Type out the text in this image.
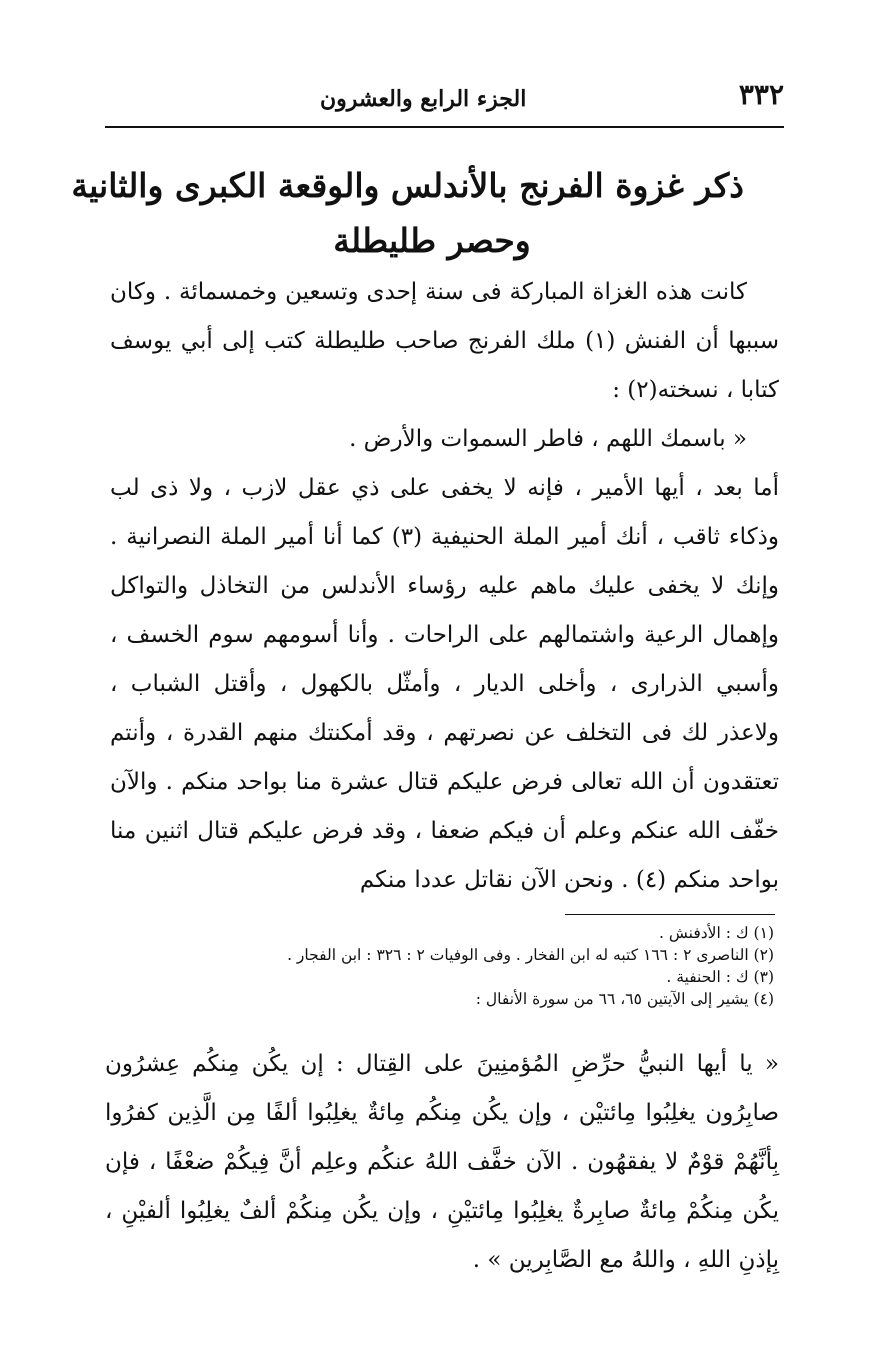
٣٣٢
الجزء الرابع والعشرون
ذكر غزوة الفرنج بالأندلس والوقعة الكبرى والثانية
وحصر طليطلة

كانت هذه الغزاة المباركة فى سنة إحدى وتسعين وخمسمائة . وكان سببها أن الفنش (١) ملك الفرنج صاحب طليطلة كتب إلى أبي يوسف كتابا ، نسخته(٢) :

« باسمك اللهم ، فاطر السموات والأرض .

أما بعد ، أيها الأمير ، فإنه لا يخفى على ذي عقل لازب ، ولا ذى لب وذكاء ثاقب ، أنك أمير الملة الحنيفية (٣) كما أنا أمير الملة النصرانية . وإنك لا يخفى عليك ماهم عليه رؤساء الأندلس من التخاذل والتواكل وإهمال الرعية واشتمالهم على الراحات . وأنا أسومهم سوم الخسف ، وأسبي الذرارى ، وأخلى الديار ، وأمثّل بالكهول ، وأقتل الشباب ، ولاعذر لك فى التخلف عن نصرتهم ، وقد أمكنتك منهم القدرة ، وأنتم تعتقدون أن الله تعالى فرض عليكم قتال عشرة منا بواحد منكم . والآن خفّف الله عنكم وعلم أن فيكم ضعفا ، وقد فرض عليكم قتال اثنين منا بواحد منكم (٤) . ونحن الآن نقاتل عددا منكم

(١) ك : الأدفنش .
(٢) الناصرى ٢ : ١٦٦ كتبه له ابن الفخار . وفى الوفيات ٢ : ٣٢٦ : ابن الفجار .
(٣) ك : الحنفية .
(٤) يشير إلى الآيتين ٦٥، ٦٦ من سورة الأنفال :

« يا أيها النبيُّ حرِّضِ المُؤمنِينَ على القِتال : إن يكُن مِنكُم عِشرُون صابِرُون يغلِبُوا مِائتيْن ، وإن يكُن مِنكُم مِائةٌ يغلِبُوا ألفًا مِن الَّذِين كفرُوا بِأنَّهُمْ قوْمٌ لا يفقهُون . الآن خفَّف اللهُ عنكُم وعلِم أنَّ فِيكُمْ ضعْفًا ، فإن يكُن مِنكُمْ مِائةٌ صابِرةٌ يغلِبُوا مِائتيْنِ ، وإن يكُن مِنكُمْ ألفٌ يغلِبُوا ألفيْنِ ، بِإذنِ اللهِ ، واللهُ مع الصَّابِرين » .
